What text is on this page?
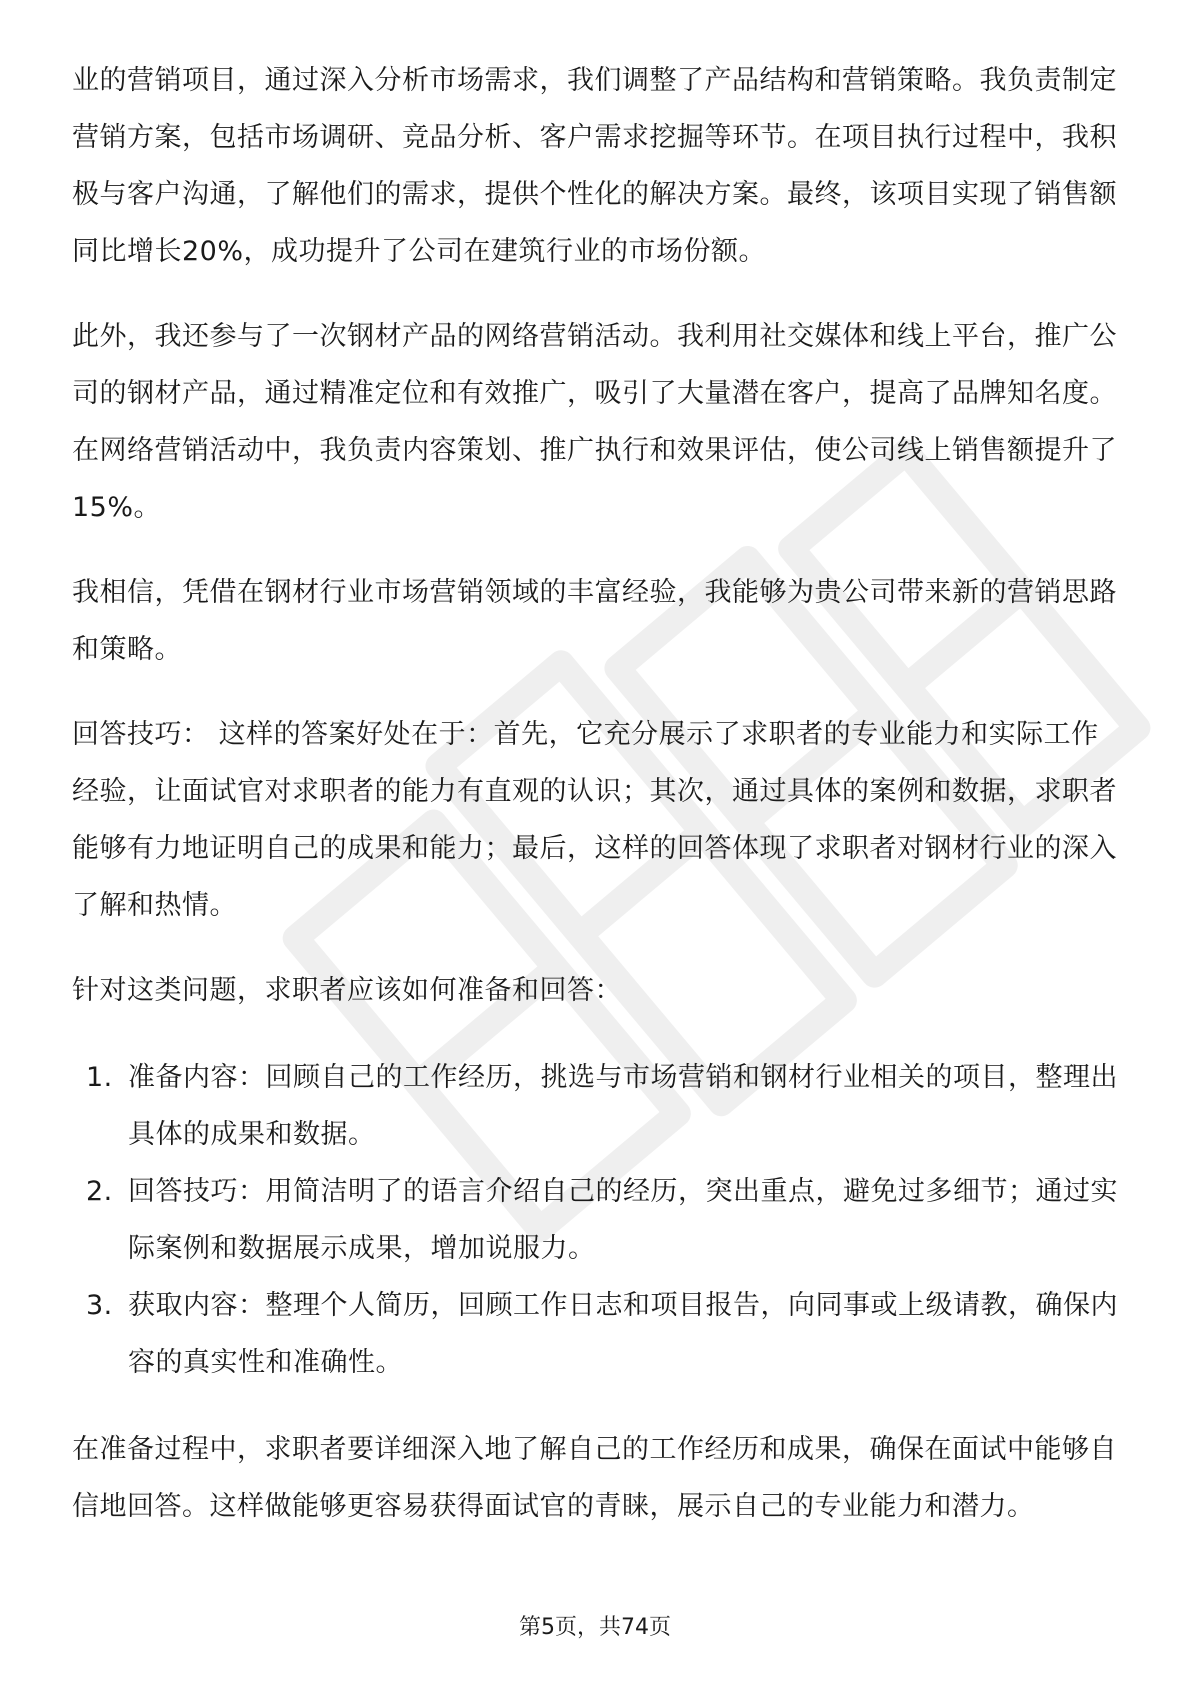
业的营销项目，通过深入分析市场需求，我们调整了产品结构和营销策略。我负责制定营销方案，包括市场调研、竞品分析、客户需求挖掘等环节。在项目执行过程中，我积极与客户沟通，了解他们的需求，提供个性化的解决方案。最终，该项目实现了销售额同比增长20%，成功提升了公司在建筑行业的市场份额。

此外，我还参与了一次钢材产品的网络营销活动。我利用社交媒体和线上平台，推广公司的钢材产品，通过精准定位和有效推广，吸引了大量潜在客户，提高了品牌知名度。在网络营销活动中，我负责内容策划、推广执行和效果评估，使公司线上销售额提升了15%。

我相信，凭借在钢材行业市场营销领域的丰富经验，我能够为贵公司带来新的营销思路和策略。

回答技巧： 这样的答案好处在于：首先，它充分展示了求职者的专业能力和实际工作经验，让面试官对求职者的能力有直观的认识；其次，通过具体的案例和数据，求职者能够有力地证明自己的成果和能力；最后，这样的回答体现了求职者对钢材行业的深入了解和热情。

针对这类问题，求职者应该如何准备和回答：

1. 准备内容：回顾自己的工作经历，挑选与市场营销和钢材行业相关的项目，整理出具体的成果和数据。
2. 回答技巧：用简洁明了的语言介绍自己的经历，突出重点，避免过多细节；通过实际案例和数据展示成果，增加说服力。
3. 获取内容：整理个人简历，回顾工作日志和项目报告，向同事或上级请教，确保内容的真实性和准确性。

在准备过程中，求职者要详细深入地了解自己的工作经历和成果，确保在面试中能够自信地回答。这样做能够更容易获得面试官的青睐，展示自己的专业能力和潜力。

第5页，共74页
